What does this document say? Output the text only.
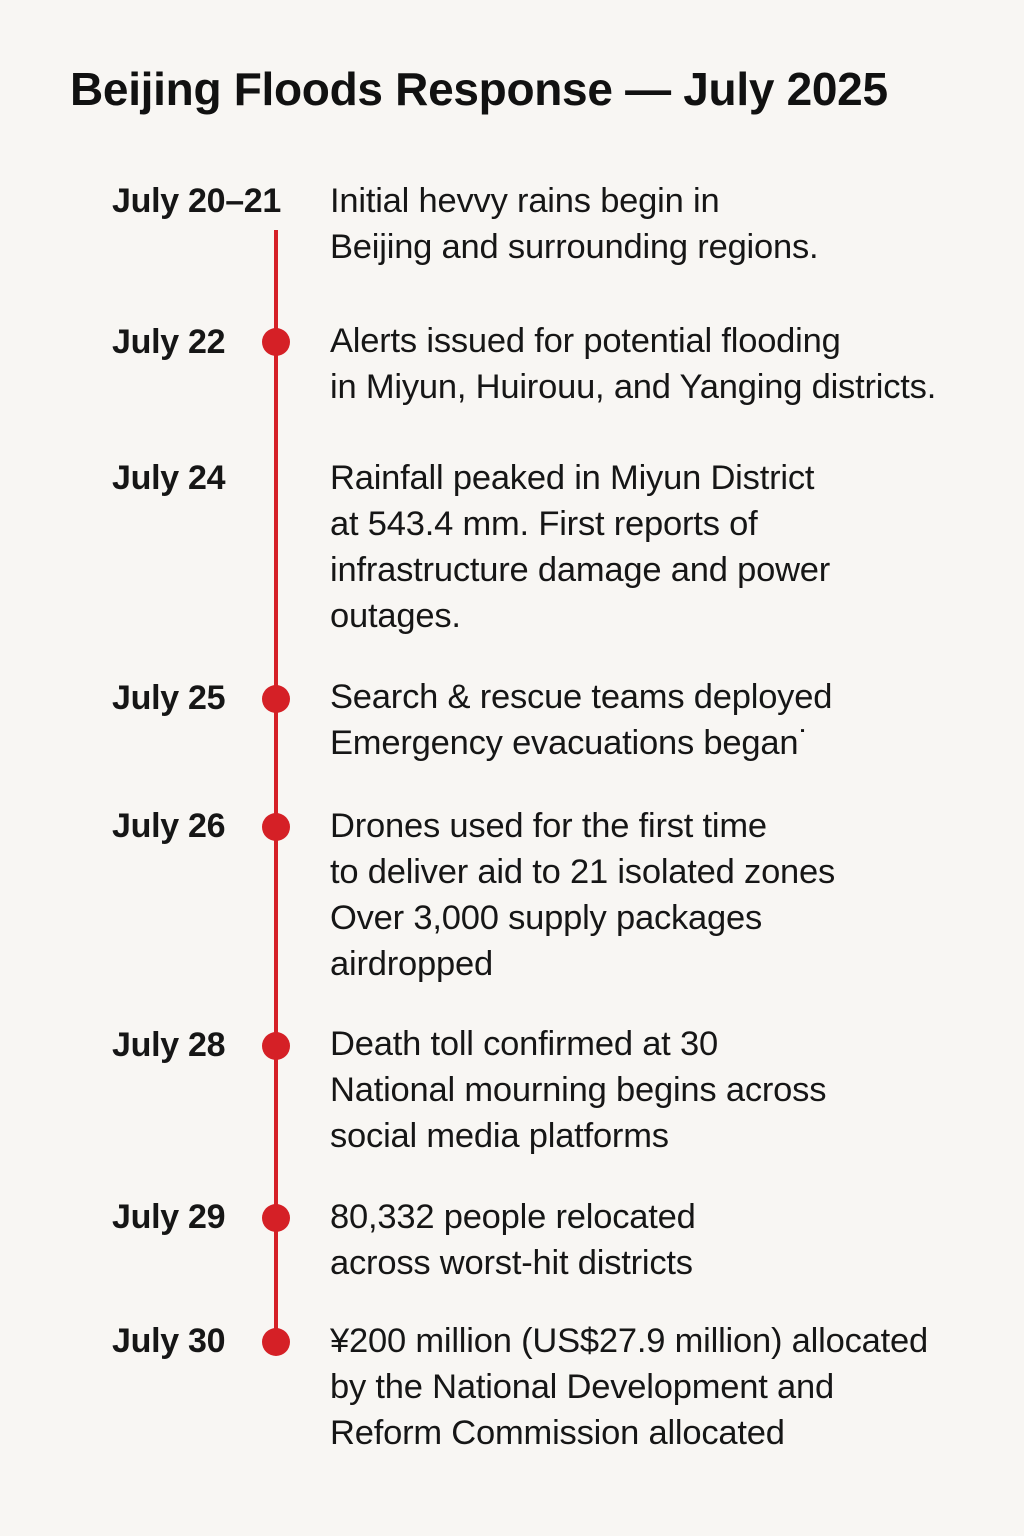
Beijing Floods Response — July 2025
July 20–21 Initial hevvy rains begin in
Beijing and surrounding regions.

July 22	Alerts issued for potential flooding
in Miyun, Huirouu, and Yanging districts.

July 24	Rainfall peaked in Miyun District
at 543.4 mm. First reports of
infrastructure damage and power
outages.

July 25	Search & rescue teams deployed
Emergency evacuations began˙

July 26	Drones used for the first time
to deliver aid to 21 isolated zones
Over 3,000 supply packages
airdropped

July 28	Death toll confirmed at 30
National mourning begins across
social media platforms

July 29	80,332 people relocated
across worst-hit districts

July 30	¥200 million (US$27.9 million) allocated
by the National Development and
Reform Commission allocated
